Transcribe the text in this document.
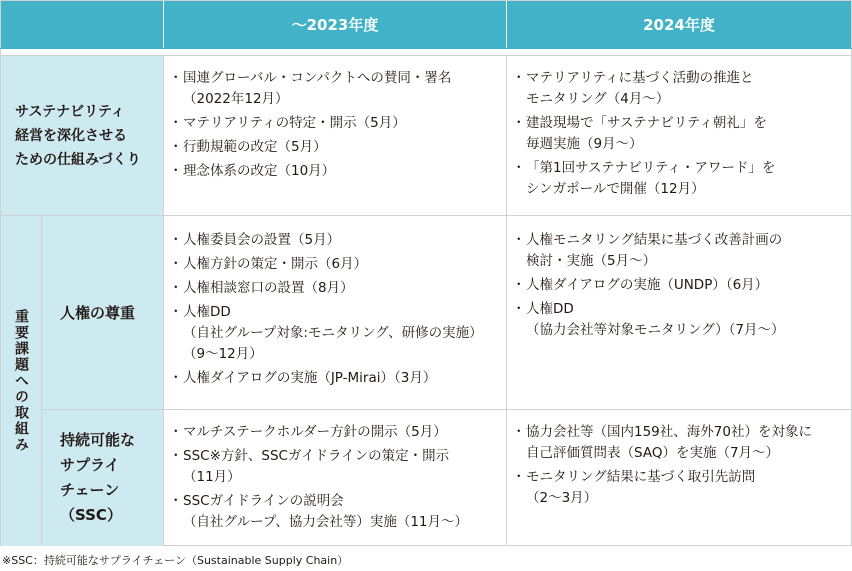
～2023年度	2024年度
サステナビリティ
経営を深化させる
ための仕組みづくり
・ 国連グローバル・コンパクトへの賛同・署名
（2022年12月）
・ マテリアリティの特定・開示（5月）
・ 行動規範の改定（5月）
・ 理念体系の改定（10月）
・ マテリアリティに基づく活動の推進と
モニタリング（4月～）
・ 建設現場で「サステナビリティ朝礼」を
毎週実施（9月～）
・ 「第1回サステナビリティ・アワード」を
シンガポールで開催（12月）
重要課題への取組み 人権の尊重
・ 人権委員会の設置（5月）
・ 人権方針の策定・開示（6月）
・ 人権相談窓口の設置（8月）
・ 人権DD
（自社グループ対象:モニタリング、研修の実施）
（9～12月）
・ 人権ダイアログの実施（JP-Mirai）（3月）
・ 人権モニタリング結果に基づく改善計画の
検討・実施（5月～）
・ 人権ダイアログの実施（UNDP）（6月）
・ 人権DD
（協力会社等対象モニタリング）（7月～）
持続可能な
サプライ
チェーン
（SSC）
・ マルチステークホルダー方針の開示（5月）
・ SSC※方針、SSCガイドラインの策定・開示
（11月）
・ SSCガイドラインの説明会
（自社グループ、協力会社等）実施（11月～）
・ 協力会社等（国内159社、海外70社）を対象に
自己評価質問表（SAQ）を実施（7月～）
・ モニタリング結果に基づく取引先訪問
（2～3月）
※SSC：持続可能なサプライチェーン（Sustainable Supply Chain）
